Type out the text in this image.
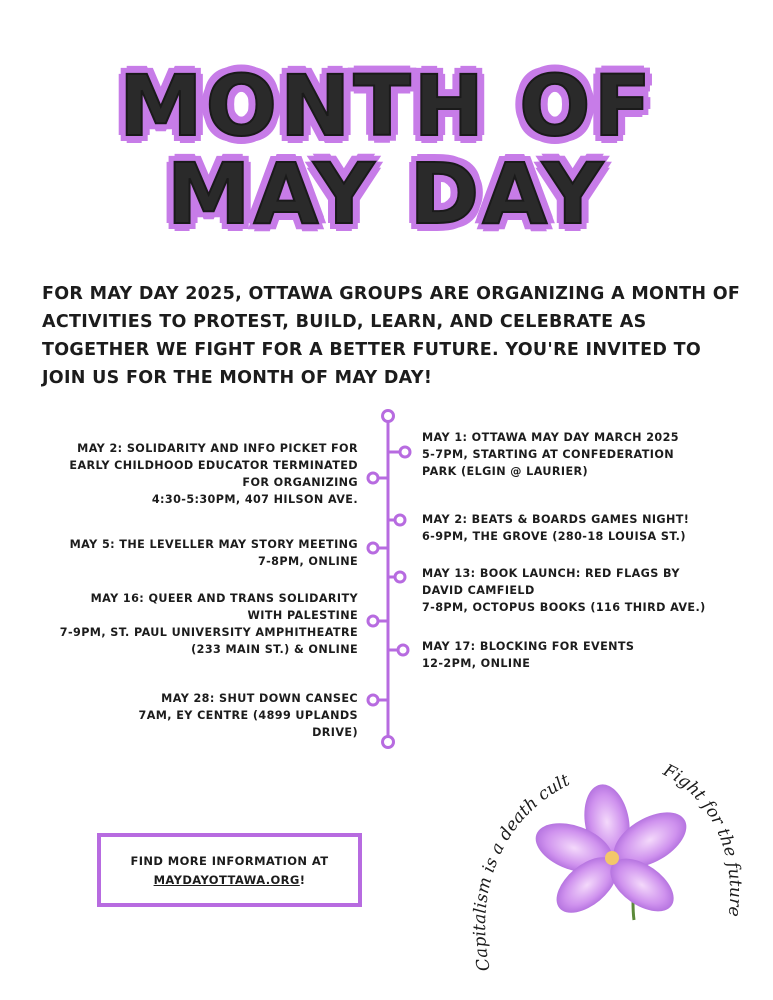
MONTH OF
MAY DAY
FOR MAY DAY 2025, OTTAWA GROUPS ARE ORGANIZING A MONTH OF ACTIVITIES TO PROTEST, BUILD, LEARN, AND CELEBRATE AS TOGETHER WE FIGHT FOR A BETTER FUTURE. YOU'RE INVITED TO JOIN US FOR THE MONTH OF MAY DAY!
MAY 2: SOLIDARITY AND INFO PICKET FOR
EARLY CHILDHOOD EDUCATOR TERMINATED
FOR ORGANIZING
4:30-5:30PM, 407 HILSON AVE.
MAY 5: THE LEVELLER MAY STORY MEETING
7-8PM, ONLINE
MAY 16: QUEER AND TRANS SOLIDARITY
WITH PALESTINE
7-9PM, ST. PAUL UNIVERSITY AMPHITHEATRE
(233 MAIN ST.) & ONLINE
MAY 28: SHUT DOWN CANSEC
7AM, EY CENTRE (4899 UPLANDS
DRIVE)
MAY 1: OTTAWA MAY DAY MARCH 2025
5-7PM, STARTING AT CONFEDERATION
PARK (ELGIN @ LAURIER)
MAY 2: BEATS & BOARDS GAMES NIGHT!
6-9PM, THE GROVE (280-18 LOUISA ST.)
MAY 13: BOOK LAUNCH: RED FLAGS BY
DAVID CAMFIELD
7-8PM, OCTOPUS BOOKS (116 THIRD AVE.)
MAY 17: BLOCKING FOR EVENTS
12-2PM, ONLINE
FIND MORE INFORMATION AT
MAYDAYOTTAWA.ORG!
Capitalism is a death cult	Fight for the future
